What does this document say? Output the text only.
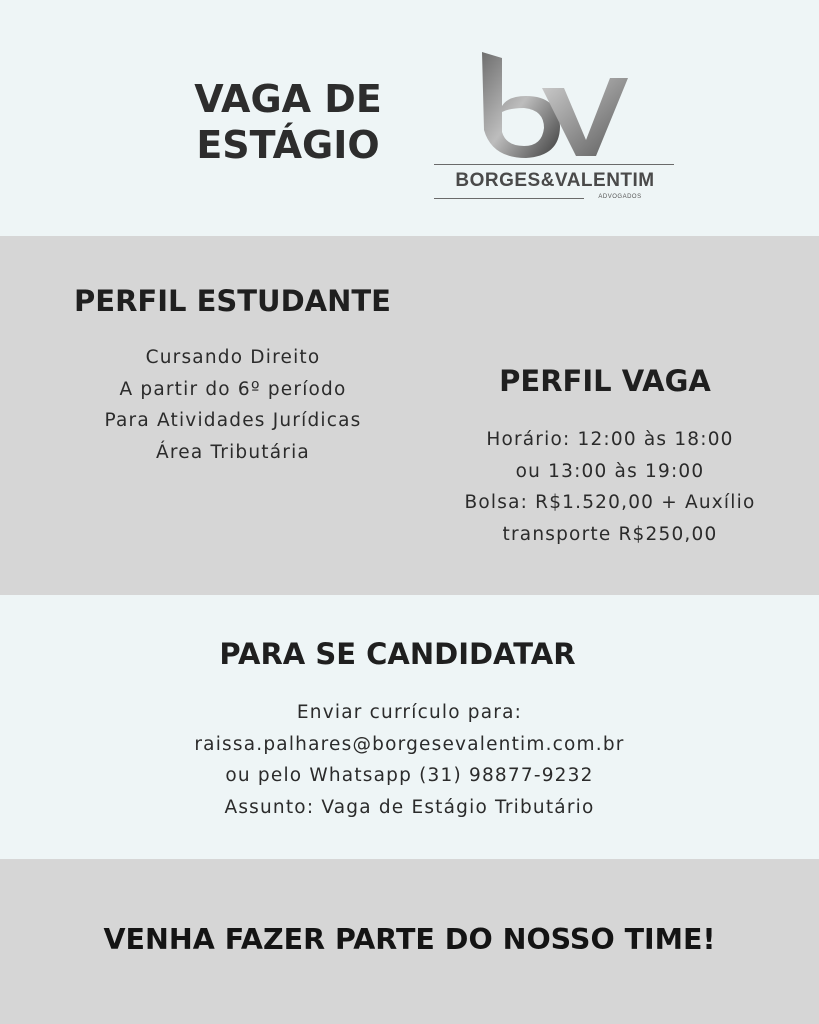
VAGA DE
ESTÁGIO
BORGES&VALENTIM
ADVOGADOS
PERFIL ESTUDANTE
Cursando Direito
A partir do 6º período
Para Atividades Jurídicas
Área Tributária
PERFIL VAGA
Horário: 12:00 às 18:00
ou 13:00 às 19:00
Bolsa: R$1.520,00 + Auxílio
transporte R$250,00
PARA SE CANDIDATAR
Enviar currículo para:
raissa.palhares@borgesevalentim.com.br
ou pelo Whatsapp (31) 98877-9232
Assunto: Vaga de Estágio Tributário
VENHA FAZER PARTE DO NOSSO TIME!
